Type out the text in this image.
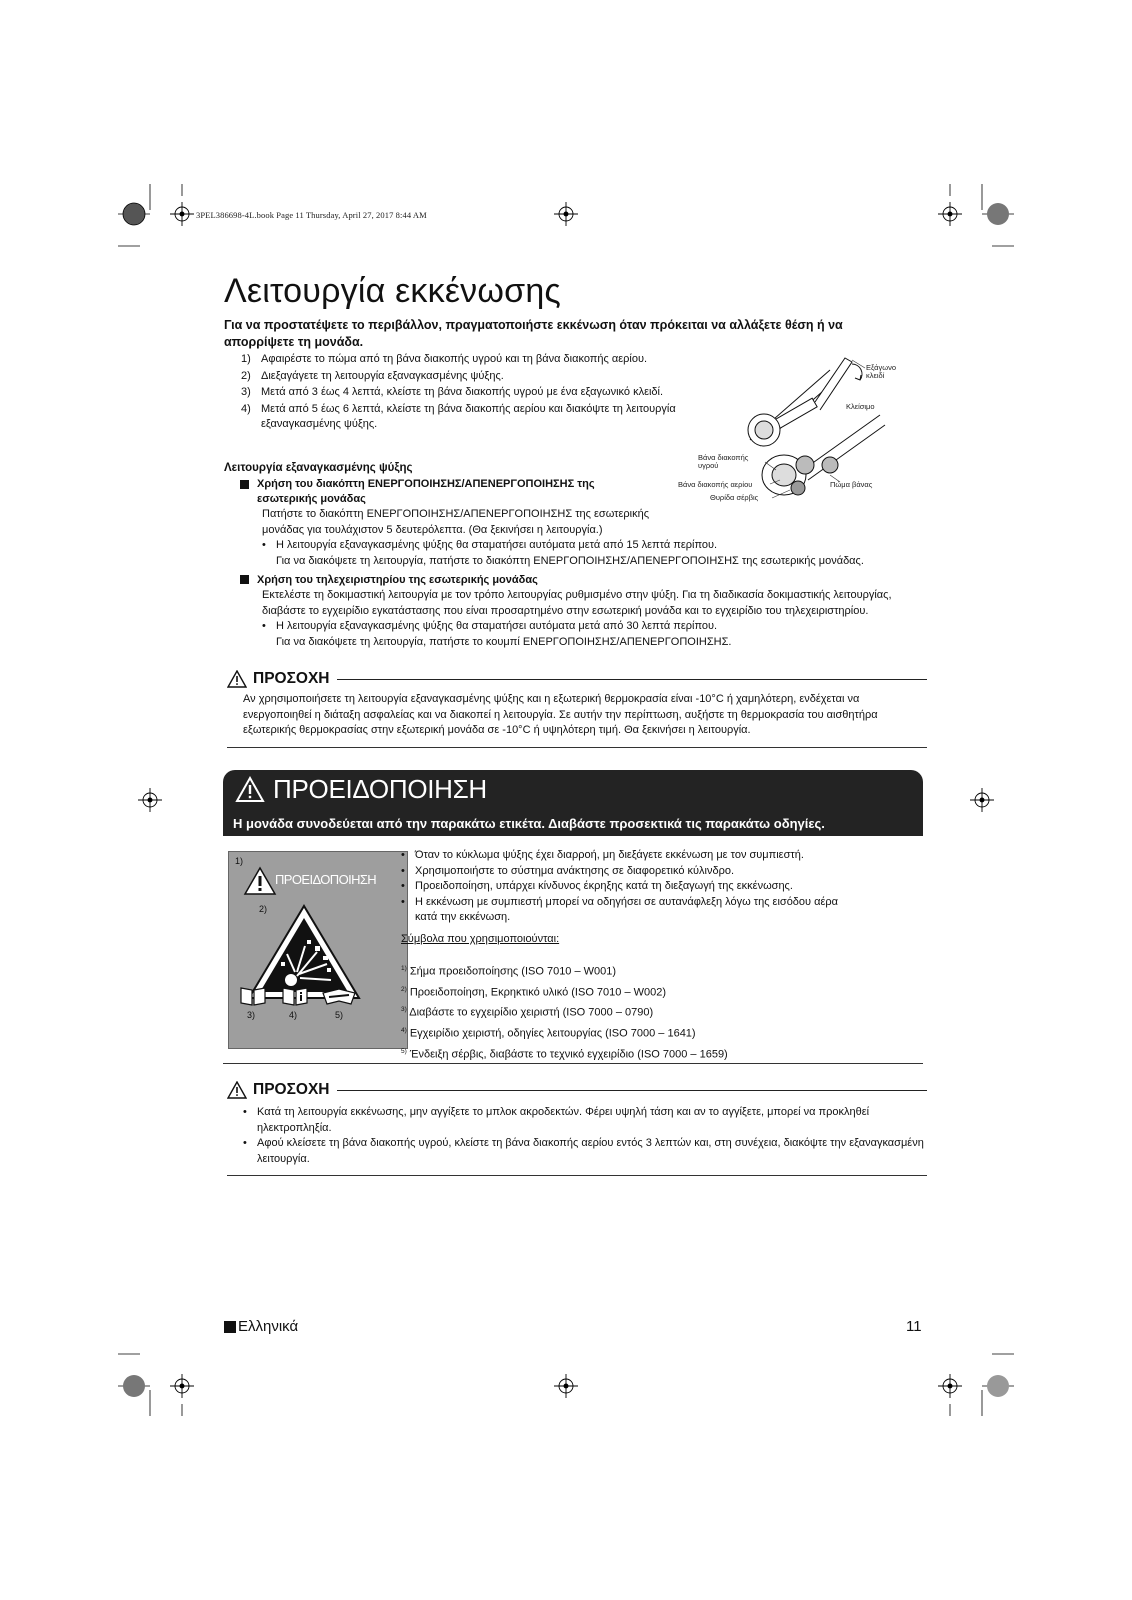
3PEL386698-4L.book Page 11 Thursday, April 27, 2017 8:44 AM
Λειτουργία εκκένωσης
Για να προστατέψετε το περιβάλλον, πραγματοποιήστε εκκένωση όταν πρόκειται να αλλάξετε θέση ή να απορρίψετε τη μονάδα.
1) Αφαιρέστε το πώμα από τη βάνα διακοπής υγρού και τη βάνα διακοπής αερίου.
2) Διεξαγάγετε τη λειτουργία εξαναγκασμένης ψύξης.
3) Μετά από 3 έως 4 λεπτά, κλείστε τη βάνα διακοπής υγρού με ένα εξαγωνικό κλειδί.
4) Μετά από 5 έως 6 λεπτά, κλείστε τη βάνα διακοπής αερίου και διακόψτε τη λειτουργία εξαναγκασμένης ψύξης.
Εξάγωνο κλειδί
Κλείσιμο
Βάνα διακοπής υγρού
Βάνα διακοπής αερίου	Πώμα βάνας
Θυρίδα σέρβις
Λειτουργία εξαναγκασμένης ψύξης
Χρήση του διακόπτη ΕΝΕΡΓΟΠΟΙΗΣΗΣ/ΑΠΕΝΕΡΓΟΠΟΙΗΣΗΣ της εσωτερικής μονάδας
Πατήστε το διακόπτη ΕΝΕΡΓΟΠΟΙΗΣΗΣ/ΑΠΕΝΕΡΓΟΠΟΙΗΣΗΣ της εσωτερικής μονάδας για τουλάχιστον 5 δευτερόλεπτα. (Θα ξεκινήσει η λειτουργία.)
• Η λειτουργία εξαναγκασμένης ψύξης θα σταματήσει αυτόματα μετά από 15 λεπτά περίπου.
Για να διακόψετε τη λειτουργία, πατήστε το διακόπτη ΕΝΕΡΓΟΠΟΙΗΣΗΣ/ΑΠΕΝΕΡΓΟΠΟΙΗΣΗΣ της εσωτερικής μονάδας.
Χρήση του τηλεχειριστηρίου της εσωτερικής μονάδας
Εκτελέστε τη δοκιμαστική λειτουργία με τον τρόπο λειτουργίας ρυθμισμένο στην ψύξη. Για τη διαδικασία δοκιμαστικής λειτουργίας, διαβάστε το εγχειρίδιο εγκατάστασης που είναι προσαρτημένο στην εσωτερική μονάδα και το εγχειρίδιο του τηλεχειριστηρίου.
• Η λειτουργία εξαναγκασμένης ψύξης θα σταματήσει αυτόματα μετά από 30 λεπτά περίπου.
Για να διακόψετε τη λειτουργία, πατήστε το κουμπί ΕΝΕΡΓΟΠΟΙΗΣΗΣ/ΑΠΕΝΕΡΓΟΠΟΙΗΣΗΣ.
ΠΡΟΣΟΧΗ
Αν χρησιμοποιήσετε τη λειτουργία εξαναγκασμένης ψύξης και η εξωτερική θερμοκρασία είναι -10°C ή χαμηλότερη, ενδέχεται να ενεργοποιηθεί η διάταξη ασφαλείας και να διακοπεί η λειτουργία. Σε αυτήν την περίπτωση, αυξήστε τη θερμοκρασία του αισθητήρα εξωτερικής θερμοκρασίας στην εξωτερική μονάδα σε -10°C ή υψηλότερη τιμή. Θα ξεκινήσει η λειτουργία.
ΠΡΟΕΙΔΟΠΟΙΗΣΗ
Η μονάδα συνοδεύεται από την παρακάτω ετικέτα. Διαβάστε προσεκτικά τις παρακάτω οδηγίες.
1)
ΠΡΟΕΙΔΟΠΟΙΗΣΗ
2)
3)	4)	5)
• Όταν το κύκλωμα ψύξης έχει διαρροή, μη διεξάγετε εκκένωση με τον συμπιεστή.
• Χρησιμοποιήστε το σύστημα ανάκτησης σε διαφορετικό κύλινδρο.
• Προειδοποίηση, υπάρχει κίνδυνος έκρηξης κατά τη διεξαγωγή της εκκένωσης.
• Η εκκένωση με συμπιεστή μπορεί να οδηγήσει σε αυτανάφλεξη λόγω της εισόδου αέρα κατά την εκκένωση.
Σύμβολα που χρησιμοποιούνται:
$^{1)}$ Σήμα προειδοποίησης (ISO 7010 – W001)
$^{2)}$ Προειδοποίηση, Εκρηκτικό υλικό (ISO 7010 – W002)
$^{3)}$ Διαβάστε το εγχειρίδιο χειριστή (ISO 7000 – 0790)
$^{4)}$ Εγχειρίδιο χειριστή, οδηγίες λειτουργίας (ISO 7000 – 1641)
$^{5)}$ Ένδειξη σέρβις, διαβάστε το τεχνικό εγχειρίδιο (ISO 7000 – 1659)
ΠΡΟΣΟΧΗ
• Κατά τη λειτουργία εκκένωσης, μην αγγίξετε το μπλοκ ακροδεκτών. Φέρει υψηλή τάση και αν το αγγίξετε, μπορεί να προκληθεί ηλεκτροπληξία.
• Αφού κλείσετε τη βάνα διακοπής υγρού, κλείστε τη βάνα διακοπής αερίου εντός 3 λεπτών και, στη συνέχεια, διακόψτε την εξαναγκασμένη λειτουργία.
Ελληνικά	11
